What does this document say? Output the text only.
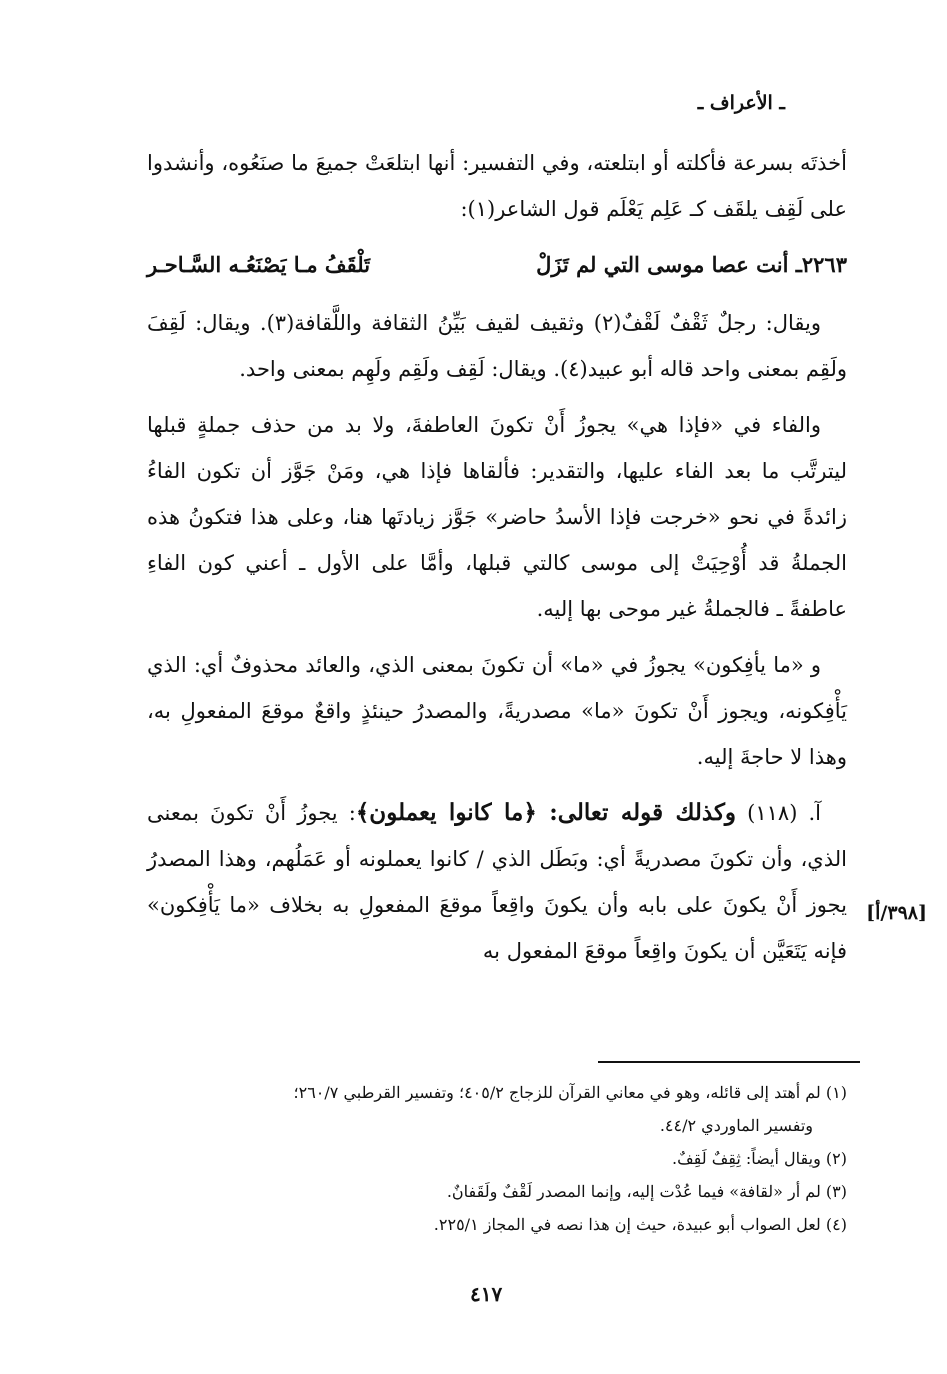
ـ الأعراف ـ

أخذتَه بسرعة فأكلته أو ابتلعته، وفي التفسير: أنها ابتلعَتْ جميعَ ما صنَعُوه، وأنشدوا على لَقِف يلقَف كـ عَلِم يَعْلَم قول الشاعر(١):

٢٢٦٣ـ أنت عصا موسى التي لم تَزَلْ
تَلْقَفُ مـا يَصْنَعُـه السَّـاحـر

ويقال: رجلٌ ثَقْفٌ لَقْفٌ(٢) وثقيف لقيف بَيِّنُ الثقافة واللَّقافة(٣). ويقال: لَقِفَ ولَقِم بمعنى واحد قاله أبو عبيد(٤). ويقال: لَقِف ولَقِم ولَهِم بمعنى واحد.

والفاء في «فإذا هي» يجوزُ أَنْ تكونَ العاطفةَ، ولا بد من حذف جملةٍ قبلها ليترتَّب ما بعد الفاء عليها، والتقدير: فألقاها فإذا هي، ومَنْ جَوَّز أن تكون الفاءُ زائدةً في نحو «خرجت فإذا الأسدُ حاضر» جَوَّز زيادتَها هنا، وعلى هذا فتكونُ هذه الجملةُ قد أُوْحِيَتْ إلى موسى كالتي قبلها، وأمَّا على الأول ـ أعني كون الفاءِ عاطفةً ـ فالجملةُ غير موحى بها إليه.

و «ما يأفِكون» يجوزُ في «ما» أن تكونَ بمعنى الذي، والعائد محذوفٌ أي: الذي يَأْفِكونه، ويجوز أَنْ تكونَ «ما» مصدريةً، والمصدرُ حينئذٍ واقعٌ موقعَ المفعولِ به، وهذا لا حاجةَ إليه.

آ. (١١٨) وكذلك قوله تعالى: ﴿ما كانوا يعملون﴾: يجوزُ أَنْ تكونَ بمعنى الذي، وأن تكونَ مصدريةً أي: وبَطَل الذي / كانوا يعملونه أو عَمَلُهم، وهذا المصدرُ يجوز أَنْ يكونَ على بابه وأن يكونَ واقِعاً موقعَ المفعولِ به بخلاف «ما يَأْفِكون» فإنه يَتَعَيَّن أن يكونَ واقِعاً موقعَ المفعول به

[٣٩٨/أ]

(١) لم أهتد إلى قائله، وهو في معاني القرآن للزجاج ٤٠٥/٢؛ وتفسير القرطبي ٢٦٠/٧؛
وتفسير الماوردي ٤٤/٢.

(٢) ويقال أيضاً: ثِقِفٌ لَقِفٌ.

(٣) لم أر «لقافة» فيما عُدْت إليه، وإنما المصدر لَقْفٌ ولَقَفانٌ.

(٤) لعل الصواب أبو عبيدة، حيث إن هذا نصه في المجاز ٢٢٥/١.

٤١٧
